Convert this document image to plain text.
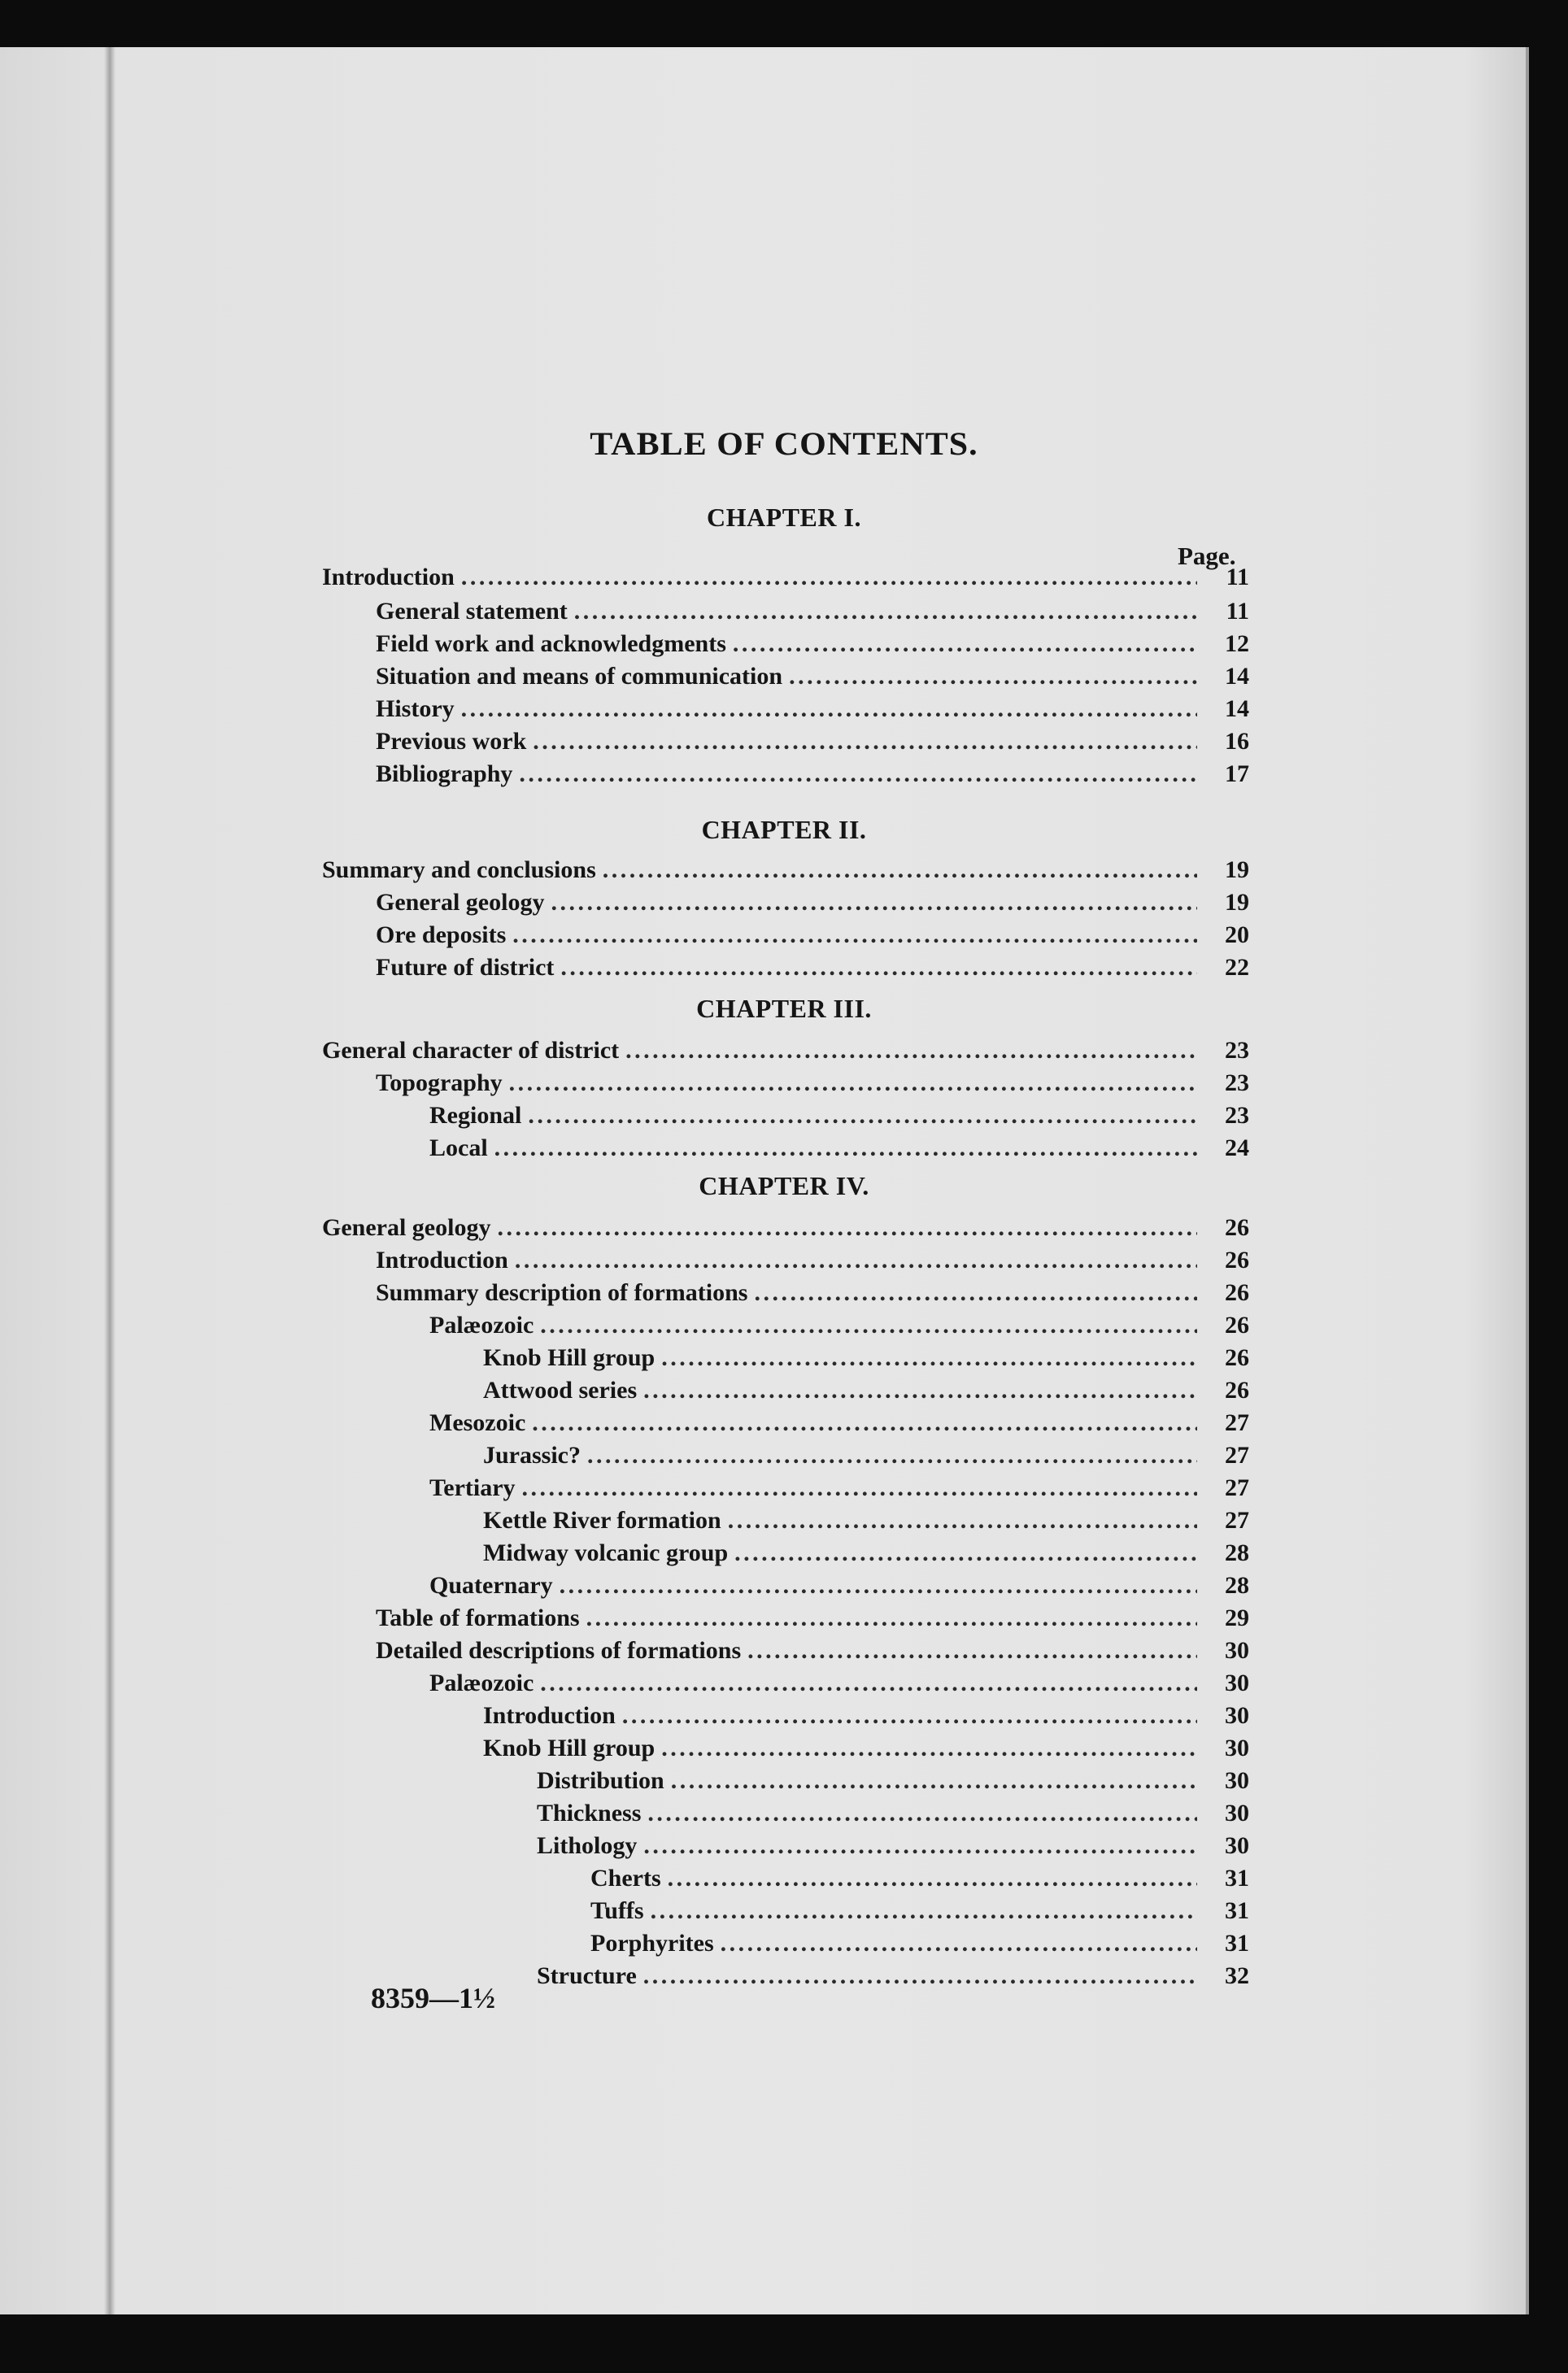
TABLE OF CONTENTS.
Page.
8359—1½
CHAPTER I.
Introduction . . .	11
General statement . . .	11
Field work and acknowledgments . . .	12
Situation and means of communication . . .	14
History . . .	14
Previous work . . .	16
Bibliography . . .	17
CHAPTER II.
Summary and conclusions . . .	19
General geology . . .	19
Ore deposits . . .	20
Future of district . . .	22
CHAPTER III.
General character of district . . .	23
Topography . . .	23
Regional . . .	23
Local . . .	24
CHAPTER IV.
General geology . . .	26
Introduction . . .	26
Summary description of formations . . .	26
Palæozoic . . .	26
Knob Hill group . . .	26
Attwood series . . .	26
Mesozoic . . .	27
Jurassic? . . .	27
Tertiary . . .	27
Kettle River formation . . .	27
Midway volcanic group . . .	28
Quaternary . . .	28
Table of formations . . .	29
Detailed descriptions of formations . . .	30
Palæozoic . . .	30
Introduction . . .	30
Knob Hill group . . .	30
Distribution . . .	30
Thickness . . .	30
Lithology . . .	30
Cherts . . .	31
Tuffs . . .	31
Porphyrites . . .	31
Structure . . .	32
